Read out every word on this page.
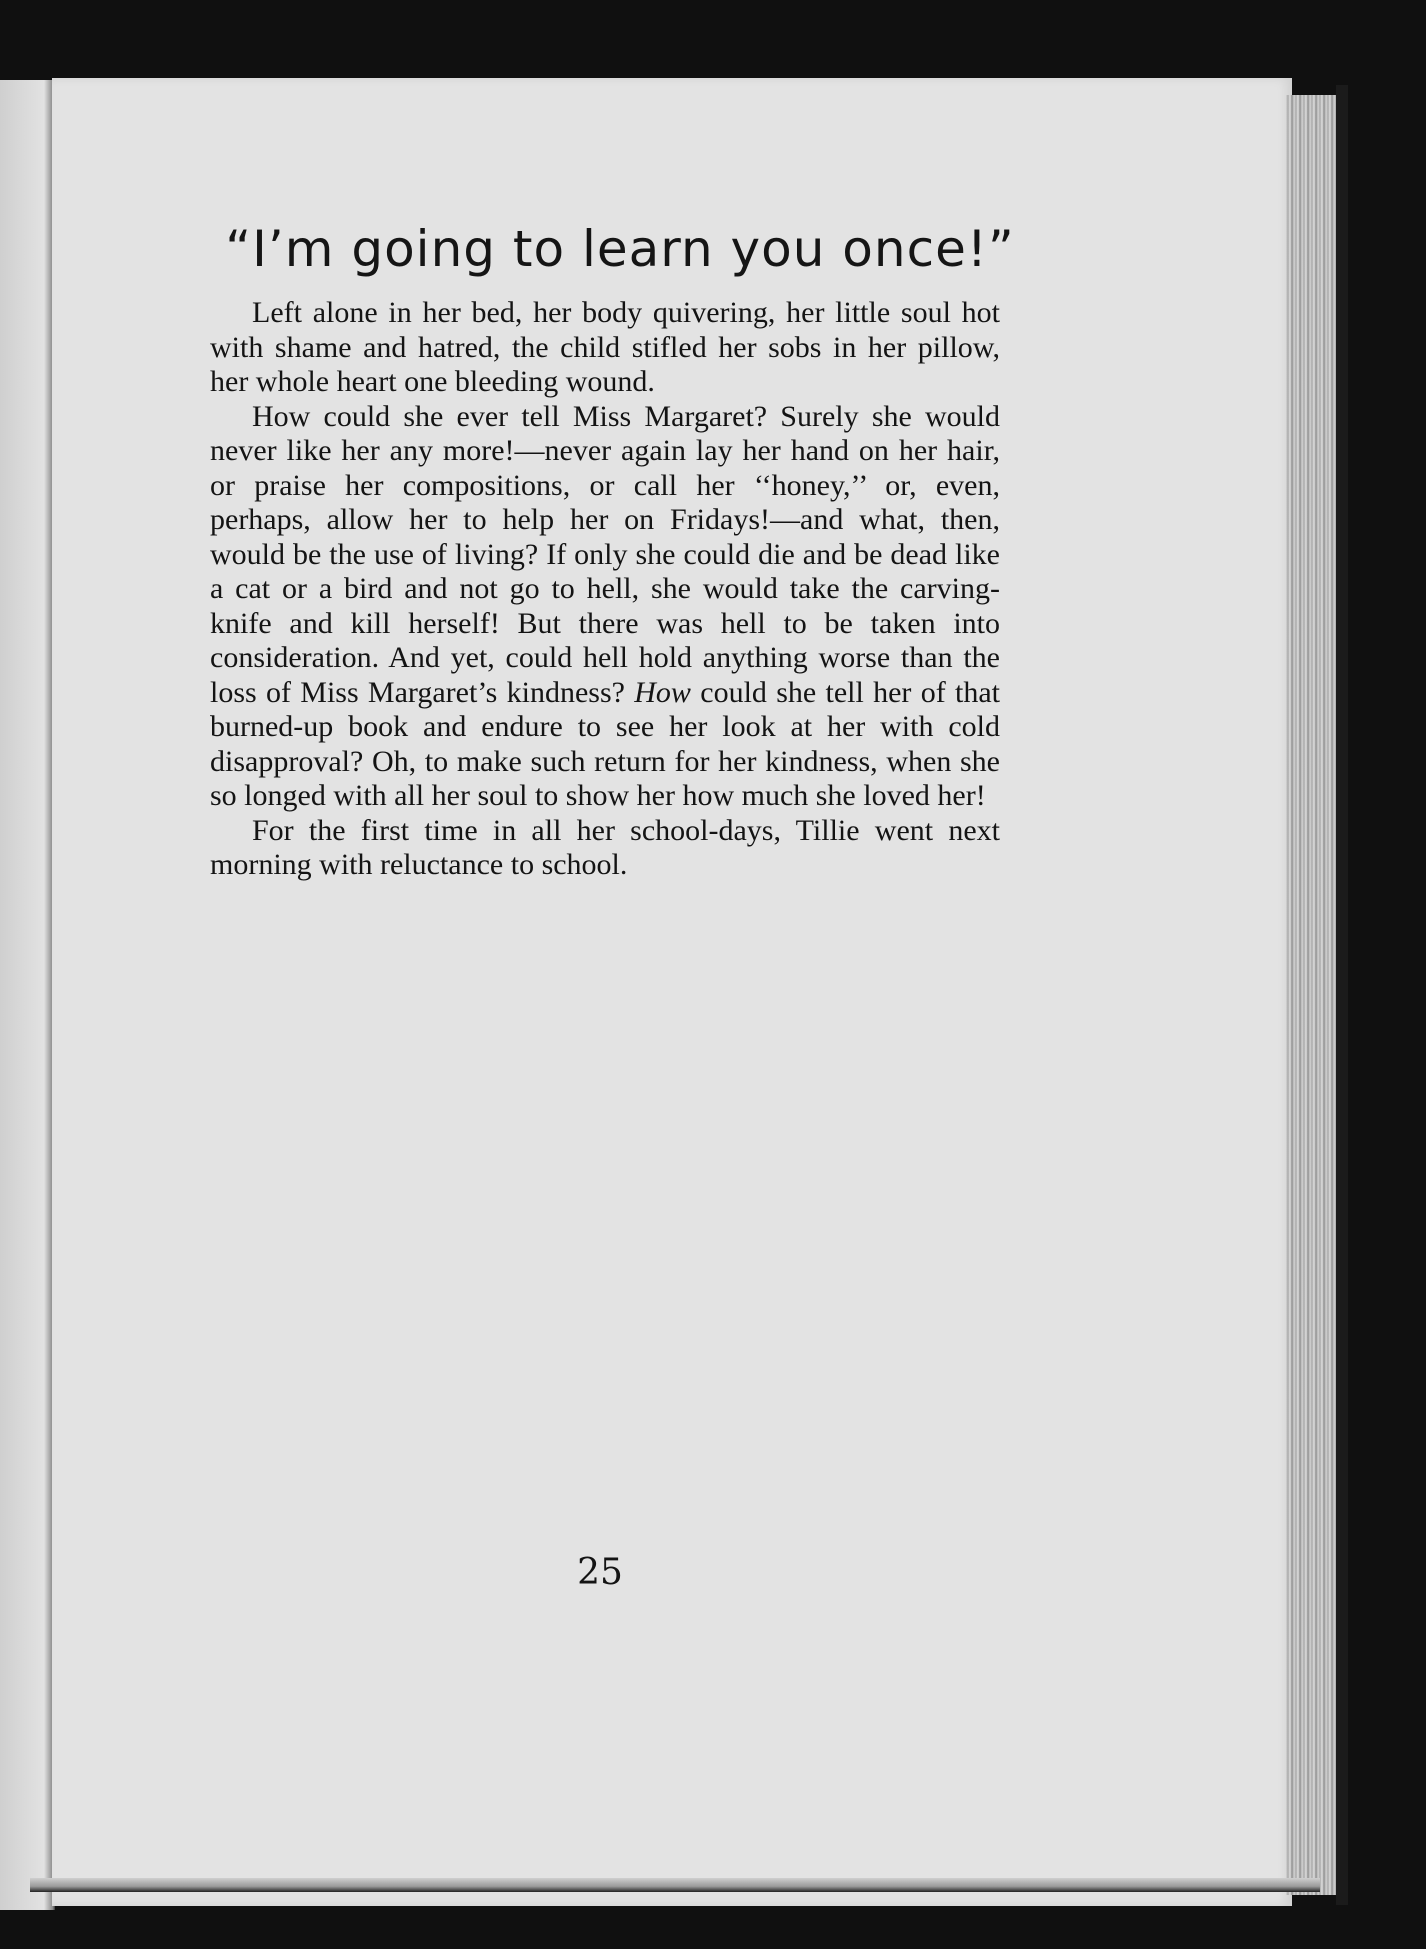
“I’m going to learn you once!”

Left alone in her bed, her body quivering, her little soul hot with shame and hatred, the child stifled her sobs in her pillow, her whole heart one bleeding wound.

How could she ever tell Miss Margaret? Surely she would never like her any more!—never again lay her hand on her hair, or praise her compositions, or call her ‘‘honey,’’ or, even, perhaps, allow her to help her on Fridays!—and what, then, would be the use of living? If only she could die and be dead like a cat or a bird and not go to hell, she would take the carving-knife and kill herself! But there was hell to be taken into consideration. And yet, could hell hold anything worse than the loss of Miss Margaret’s kindness? How could she tell her of that burned-up book and endure to see her look at her with cold disapproval? Oh, to make such return for her kindness, when she so longed with all her soul to show her how much she loved her!

For the first time in all her school-days, Tillie went next morning with reluctance to school.

25
